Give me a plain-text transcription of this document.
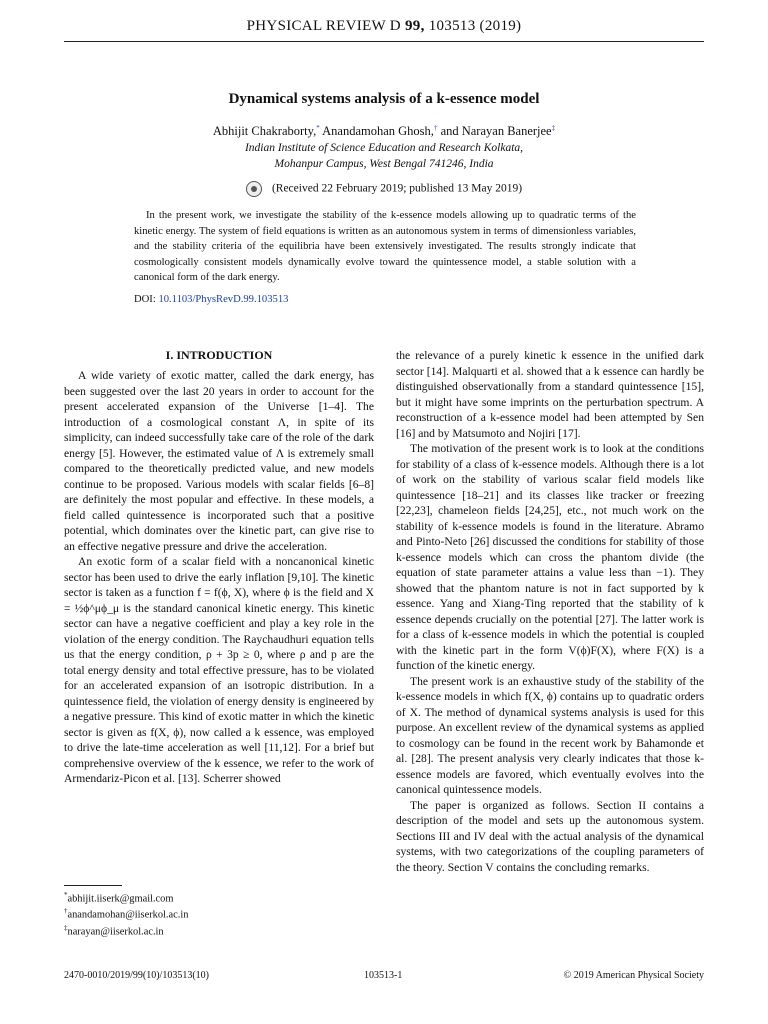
PHYSICAL REVIEW D 99, 103513 (2019)
Dynamical systems analysis of a k-essence model
Abhijit Chakraborty,* Anandamohan Ghosh,† and Narayan Banerjee‡
Indian Institute of Science Education and Research Kolkata,
Mohanpur Campus, West Bengal 741246, India
(Received 22 February 2019; published 13 May 2019)
In the present work, we investigate the stability of the k-essence models allowing up to quadratic terms of the kinetic energy. The system of field equations is written as an autonomous system in terms of dimensionless variables, and the stability criteria of the equilibria have been extensively investigated. The results strongly indicate that cosmologically consistent models dynamically evolve toward the quintessence model, a stable solution with a canonical form of the dark energy.
DOI: 10.1103/PhysRevD.99.103513
I. INTRODUCTION

A wide variety of exotic matter, called the dark energy, has been suggested over the last 20 years in order to account for the present accelerated expansion of the Universe [1–4]. The introduction of a cosmological constant Λ, in spite of its simplicity, can indeed successfully take care of the role of the dark energy [5]. However, the estimated value of Λ is extremely small compared to the theoretically predicted value, and new models continue to be proposed. Various models with scalar fields [6–8] are definitely the most popular and effective. In these models, a field called quintessence is incorporated such that a positive potential, which dominates over the kinetic part, can give rise to an effective negative pressure and drive the acceleration.

An exotic form of a scalar field with a noncanonical kinetic sector has been used to drive the early inflation [9,10]. The kinetic sector is taken as a function f = f(ϕ, X), where ϕ is the field and X = ½ϕ^μϕ_μ is the standard canonical kinetic energy. This kinetic sector can have a negative coefficient and play a key role in the violation of the energy condition. The Raychaudhuri equation tells us that the energy condition, ρ + 3p ≥ 0, where ρ and p are the total energy density and total effective pressure, has to be violated for an accelerated expansion of an isotropic distribution. In a quintessence field, the violation of energy density is engineered by a negative pressure. This kind of exotic matter in which the kinetic sector is given as f(X, ϕ), now called a k essence, was employed to drive the late-time acceleration as well [11,12]. For a brief but comprehensive overview of the k essence, we refer to the work of Armendariz-Picon et al. [13]. Scherrer showed

the relevance of a purely kinetic k essence in the unified dark sector [14]. Malquarti et al. showed that a k essence can hardly be distinguished observationally from a standard quintessence [15], but it might have some imprints on the perturbation spectrum. A reconstruction of a k-essence model had been attempted by Sen [16] and by Matsumoto and Nojiri [17].

The motivation of the present work is to look at the conditions for stability of a class of k-essence models. Although there is a lot of work on the stability of various scalar field models like quintessence [18–21] and its classes like tracker or freezing [22,23], chameleon fields [24,25], etc., not much work on the stability of k-essence models is found in the literature. Abramo and Pinto-Neto [26] discussed the conditions for stability of those k-essence models which can cross the phantom divide (the equation of state parameter attains a value less than −1). They showed that the phantom nature is not in fact supported by k essence. Yang and Xiang-Ting reported that the stability of k essence depends crucially on the potential [27]. The latter work is for a class of k-essence models in which the potential is coupled with the kinetic part in the form V(ϕ)F(X), where F(X) is a function of the kinetic energy.

The present work is an exhaustive study of the stability of the k-essence models in which f(X, ϕ) contains up to quadratic orders of X. The method of dynamical systems analysis is used for this purpose. An excellent review of the dynamical systems as applied to cosmology can be found in the recent work by Bahamonde et al. [28]. The present analysis very clearly indicates that those k-essence models are favored, which eventually evolves into the canonical quintessence models.

The paper is organized as follows. Section II contains a description of the model and sets up the autonomous system. Sections III and IV deal with the actual analysis of the dynamical systems, with two categorizations of the coupling parameters of the theory. Section V contains the concluding remarks.

*abhijit.iiserk@gmail.com
†anandamohan@iiserkol.ac.in
‡narayan@iiserkol.ac.in
2470-0010/2019/99(10)/103513(10)	103513-1	© 2019 American Physical Society
